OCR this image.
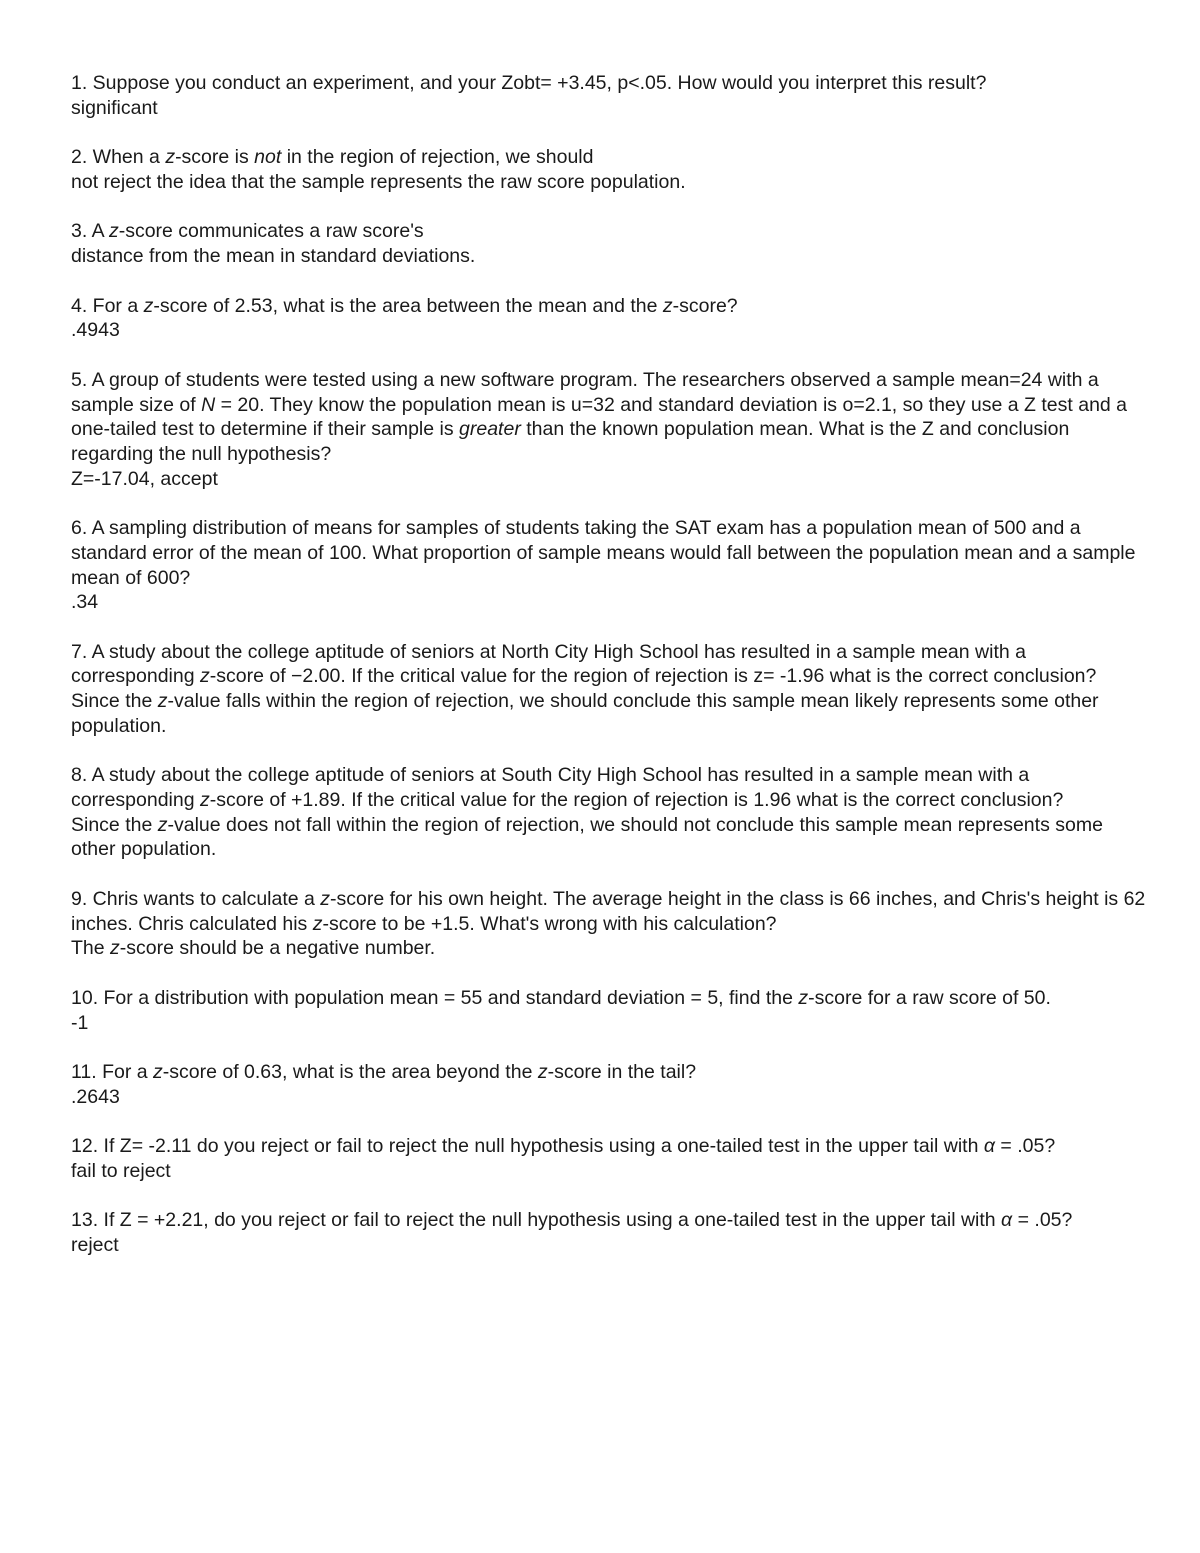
1. Suppose you conduct an experiment, and your Zobt= +3.45, p<.05. How would you interpret this result?
significant
2. When a z-score is not in the region of rejection, we should
not reject the idea that the sample represents the raw score population.
3. A z-score communicates a raw score's
distance from the mean in standard deviations.
4. For a z-score of 2.53, what is the area between the mean and the z-score?
.4943
5. A group of students were tested using a new software program. The researchers observed a sample mean=24 with a sample size of N = 20. They know the population mean is u=32 and standard deviation is o=2.1, so they use a Z test and a one-tailed test to determine if their sample is greater than the known population mean. What is the Z and conclusion regarding the null hypothesis?
Z=-17.04, accept
6. A sampling distribution of means for samples of students taking the SAT exam has a population mean of 500 and a standard error of the mean of 100. What proportion of sample means would fall between the population mean and a sample mean of 600?
.34
7. A study about the college aptitude of seniors at North City High School has resulted in a sample mean with a corresponding z-score of −2.00. If the critical value for the region of rejection is z= -1.96 what is the correct conclusion?
Since the z-value falls within the region of rejection, we should conclude this sample mean likely represents some other population.
8. A study about the college aptitude of seniors at South City High School has resulted in a sample mean with a corresponding z-score of +1.89. If the critical value for the region of rejection is 1.96 what is the correct conclusion?
Since the z-value does not fall within the region of rejection, we should not conclude this sample mean represents some other population.
9. Chris wants to calculate a z-score for his own height. The average height in the class is 66 inches, and Chris's height is 62 inches. Chris calculated his z-score to be +1.5. What's wrong with his calculation?
The z-score should be a negative number.
10. For a distribution with population mean = 55 and standard deviation = 5, find the z-score for a raw score of 50.
-1
11. For a z-score of 0.63, what is the area beyond the z-score in the tail?
.2643
12. If Z= -2.11 do you reject or fail to reject the null hypothesis using a one-tailed test in the upper tail with α = .05?
fail to reject
13. If Z = +2.21, do you reject or fail to reject the null hypothesis using a one-tailed test in the upper tail with α = .05?
reject
